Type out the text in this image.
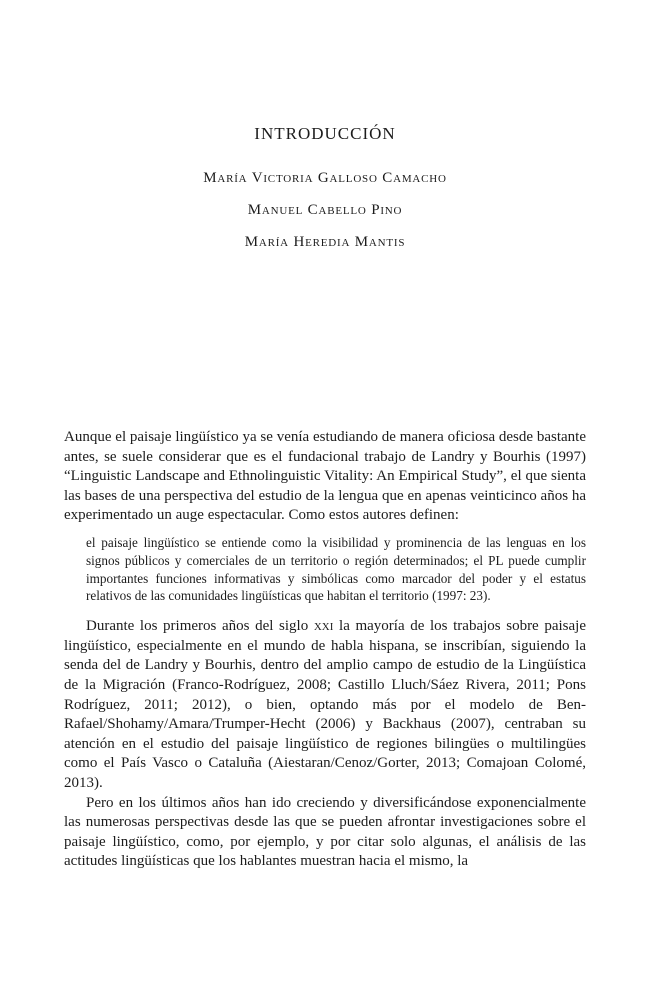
INTRODUCCIÓN
María Victoria Galloso Camacho
Manuel Cabello Pino
María Heredia Mantis

Aunque el paisaje lingüístico ya se venía estudiando de manera oficiosa desde bastante antes, se suele considerar que es el fundacional trabajo de Landry y Bourhis (1997) “Linguistic Landscape and Ethnolinguistic Vitality: An Empirical Study”, el que sienta las bases de una perspectiva del estudio de la lengua que en apenas veinticinco años ha experimentado un auge espectacular. Como estos autores definen:

el paisaje lingüístico se entiende como la visibilidad y prominencia de las lenguas en los signos públicos y comerciales de un territorio o región determinados; el PL puede cumplir importantes funciones informativas y simbólicas como marcador del poder y el estatus relativos de las comunidades lingüísticas que habitan el territorio (1997: 23).

Durante los primeros años del siglo xxi la mayoría de los trabajos sobre paisaje lingüístico, especialmente en el mundo de habla hispana, se inscribían, siguiendo la senda del de Landry y Bourhis, dentro del amplio campo de estudio de la Lingüística de la Migración (Franco-Rodríguez, 2008; Castillo Lluch/Sáez Rivera, 2011; Pons Rodríguez, 2011; 2012), o bien, optando más por el modelo de Ben-Rafael/Shohamy/Amara/Trumper-Hecht (2006) y Backhaus (2007), centraban su atención en el estudio del paisaje lingüístico de regiones bilingües o multilingües como el País Vasco o Cataluña (Aiestaran/Cenoz/Gorter, 2013; Comajoan Colomé, 2013).

Pero en los últimos años han ido creciendo y diversificándose exponencialmente las numerosas perspectivas desde las que se pueden afrontar investigaciones sobre el paisaje lingüístico, como, por ejemplo, y por citar solo algunas, el análisis de las actitudes lingüísticas que los hablantes muestran hacia el mismo, la
